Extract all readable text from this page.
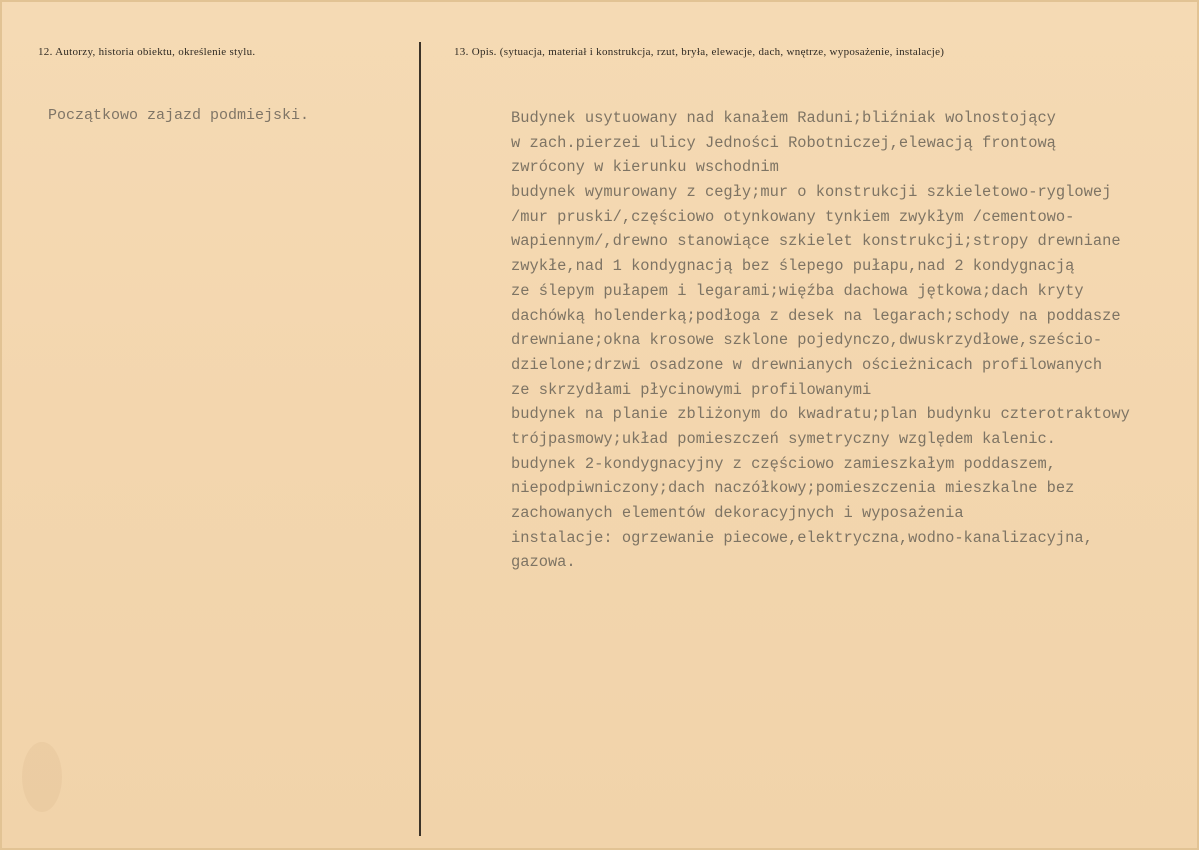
12. Autorzy, historia obiektu, określenie stylu.	13. Opis. (sytuacja, materiał i konstrukcja, rzut, bryła, elewacje, dach, wnętrze, wyposażenie, instalacje)
Początkowo zajazd podmiejski.	Budynek usytuowany nad kanałem Raduni;bliźniak wolnostojący
w zach.pierzei ulicy Jedności Robotniczej,elewacją frontową
zwrócony w kierunku wschodnim
budynek wymurowany z cegły;mur o konstrukcji szkieletowo-ryglowej
/mur pruski/,częściowo otynkowany tynkiem zwykłym /cementowo-
wapiennym/,drewno stanowiące szkielet konstrukcji;stropy drewniane
zwykłe,nad 1 kondygnacją bez ślepego pułapu,nad 2 kondygnacją
ze ślepym pułapem i legarami;więźba dachowa jętkowa;dach kryty
dachówką holenderką;podłoga z desek na legarach;schody na poddasze
drewniane;okna krosowe szklone pojedynczo,dwuskrzydłowe,sześcio-
dzielone;drzwi osadzone w drewnianych ościeżnicach profilowanych
ze skrzydłami płycinowymi profilowanymi
budynek na planie zbliżonym do kwadratu;plan budynku czterotraktowy
trójpasmowy;układ pomieszczeń symetryczny względem kalenic.
budynek 2-kondygnacyjny z częściowo zamieszkałym poddaszem,
niepodpiwniczony;dach naczółkowy;pomieszczenia mieszkalne bez
zachowanych elementów dekoracyjnych i wyposażenia
instalacje: ogrzewanie piecowe,elektryczna,wodno-kanalizacyjna,
gazowa.
